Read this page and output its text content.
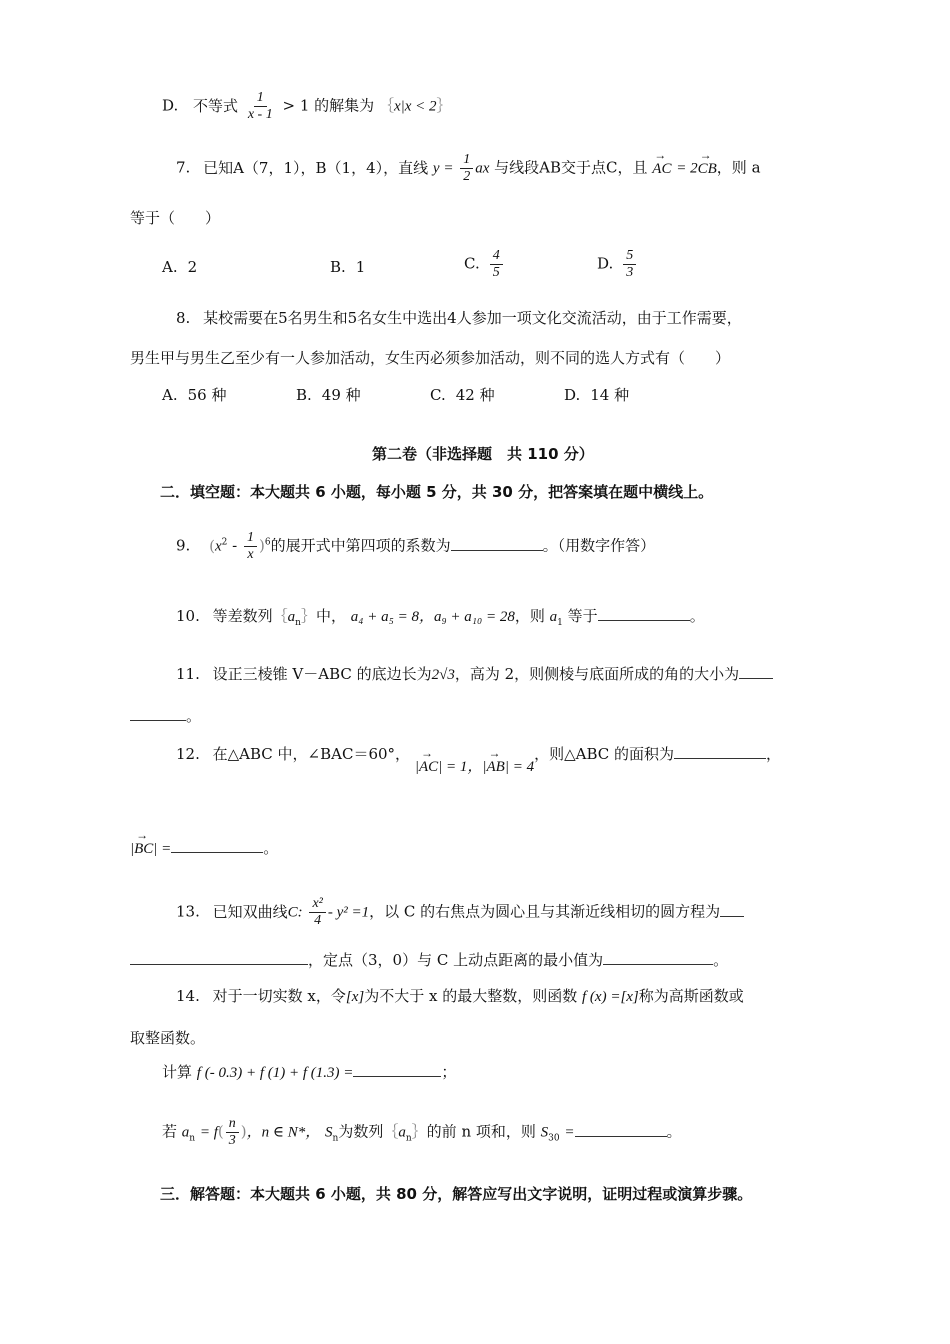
D. 不等式 $\frac{1}{x - 1} > 1$ 的解集为 ｛x|x < 2｝
7. 已知A（7，1），B（1，4），直线 $y = \frac{1}{2}$ ax 与线段AB交于点C，且 → AC = 2→ CB，则 a
等于（　　）
A. 2	B. 1	C. $\frac{4}{5}$	D. $\frac{5}{3}$
8. 某校需要在5名男生和5名女生中选出4人参加一项文化交流活动，由于工作需要，
男生甲与男生乙至少有一人参加活动，女生丙必须参加活动，则不同的选人方式有（　　）
A. 56 种	B. 49 种	C. 42 种	D. 14 种
第二卷（非选择题　共 110 分）
二．填空题：本大题共 6 小题，每小题 5 分，共 30 分，把答案填在题中横线上。
9. $(x^2 - \frac{1}{x} )^6$的展开式中第四项的系数为	。（用数字作答）
10. 等差数列$\{a_n\}$中， a₄ + a₅ = 8，a₉ + a₁₀ = 28，则 $a_1$ 等于	。
11. 设正三棱锥 V－ABC 的底边长为2√3，高为 2，则侧棱与底面所成的角的大小为
。
12. 在△ABC 中，∠BAC＝60°， |→ AC| = 1，|→ AB| = 4，则△ABC 的面积为	，
|→ BC| =	。
13. 已知双曲线C: $\frac{\text{x²}}{4} - y^2 =1$，以 C 的右焦点为圆心且与其渐近线相切的圆方程为
，定点（3，0）与 C 上动点距离的最小值为	。
14. 对于一切实数 x，令[x]为不大于 x 的最大整数，则函数 f (x) =[x]称为高斯函数或
取整函数。
计算 f (- 0.3) + f (1) + f (1.3) =	；
若 $a_n = f( \frac{n}{3}$ )，n ∈ N*， $S_n$为数列$\{a_n\}$的前 n 项和，则 $S_{30}$ =	。
三．解答题：本大题共 6 小题，共 80 分，解答应写出文字说明，证明过程或演算步骤。
